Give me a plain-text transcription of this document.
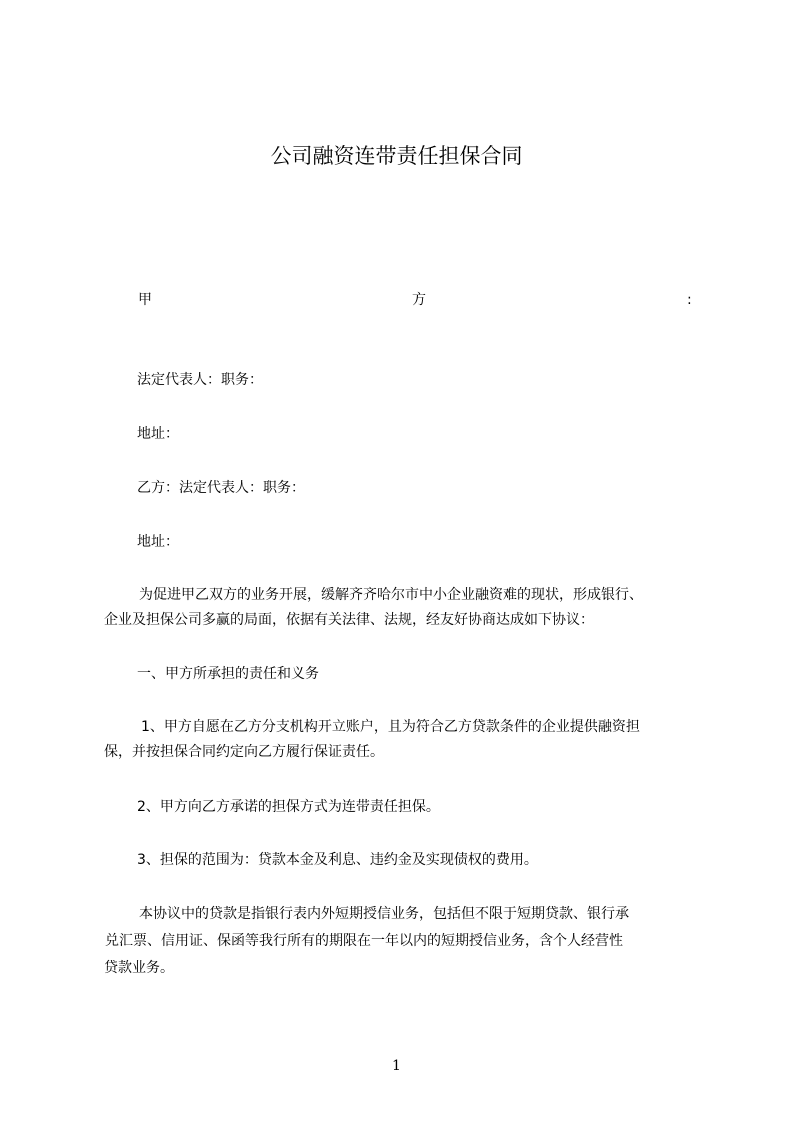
公司融资连带责任担保合同
甲	方	:
法定代表人：职务：
地址：
乙方：法定代表人：职务：
地址：
为促进甲乙双方的业务开展，缓解齐齐哈尔市中小企业融资难的现状，形成银行、
企业及担保公司多赢的局面，依据有关法律、法规，经友好协商达成如下协议：
一、甲方所承担的责任和义务
1、甲方自愿在乙方分支机构开立账户，且为符合乙方贷款条件的企业提供融资担
保，并按担保合同约定向乙方履行保证责任。
2、甲方向乙方承诺的担保方式为连带责任担保。
3、担保的范围为：贷款本金及利息、违约金及实现债权的费用。
本协议中的贷款是指银行表内外短期授信业务，包括但不限于短期贷款、银行承
兑汇票、信用证、保函等我行所有的期限在一年以内的短期授信业务，含个人经营性
贷款业务。
1
